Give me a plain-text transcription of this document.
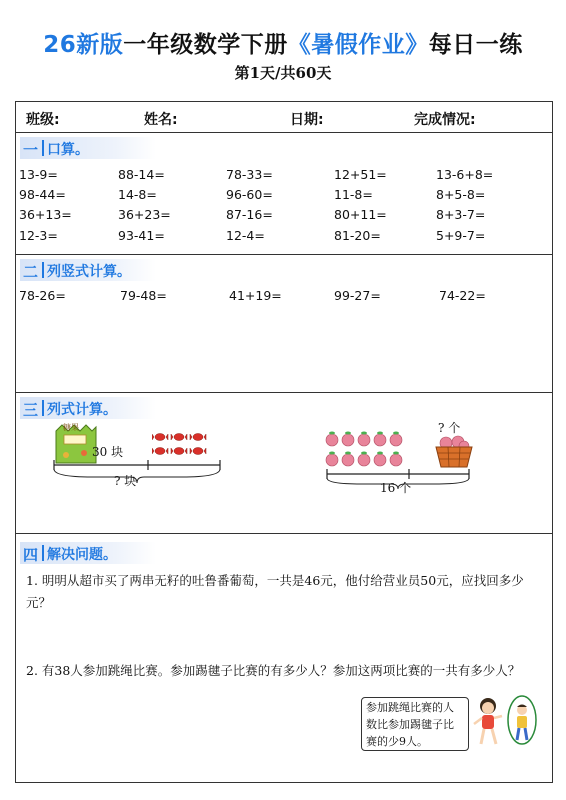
26新版一年级数学下册《暑假作业》每日一练
第1天/共60天
班级:	姓名:	日期:	完成情况:
一 口算。
13-9=	88-14=	78-33=	12+51=	13-6+8=
98-44=	14-8=	96-60=	11-8=	8+5-8=
36+13=	36+23=	87-16=	80+11=	8+3-7=
12-3=	93-41=	12-4=	81-20=	5+9-7=
二 列竖式计算。
78-26=	79-48=	41+19=	99-27=	74-22=
三 列式计算。
糖果
30 块
? 块
? 个
16 个
四 解决问题。
1. 明明从超市买了两串无籽的吐鲁番葡萄，一共是46元，他付给营业员50元，应找回多少元？
2. 有38人参加跳绳比赛。参加踢毽子比赛的有多少人？参加这两项比赛的一共有多少人？
参加跳绳比赛的人数比参加踢毽子比赛的少9人。
